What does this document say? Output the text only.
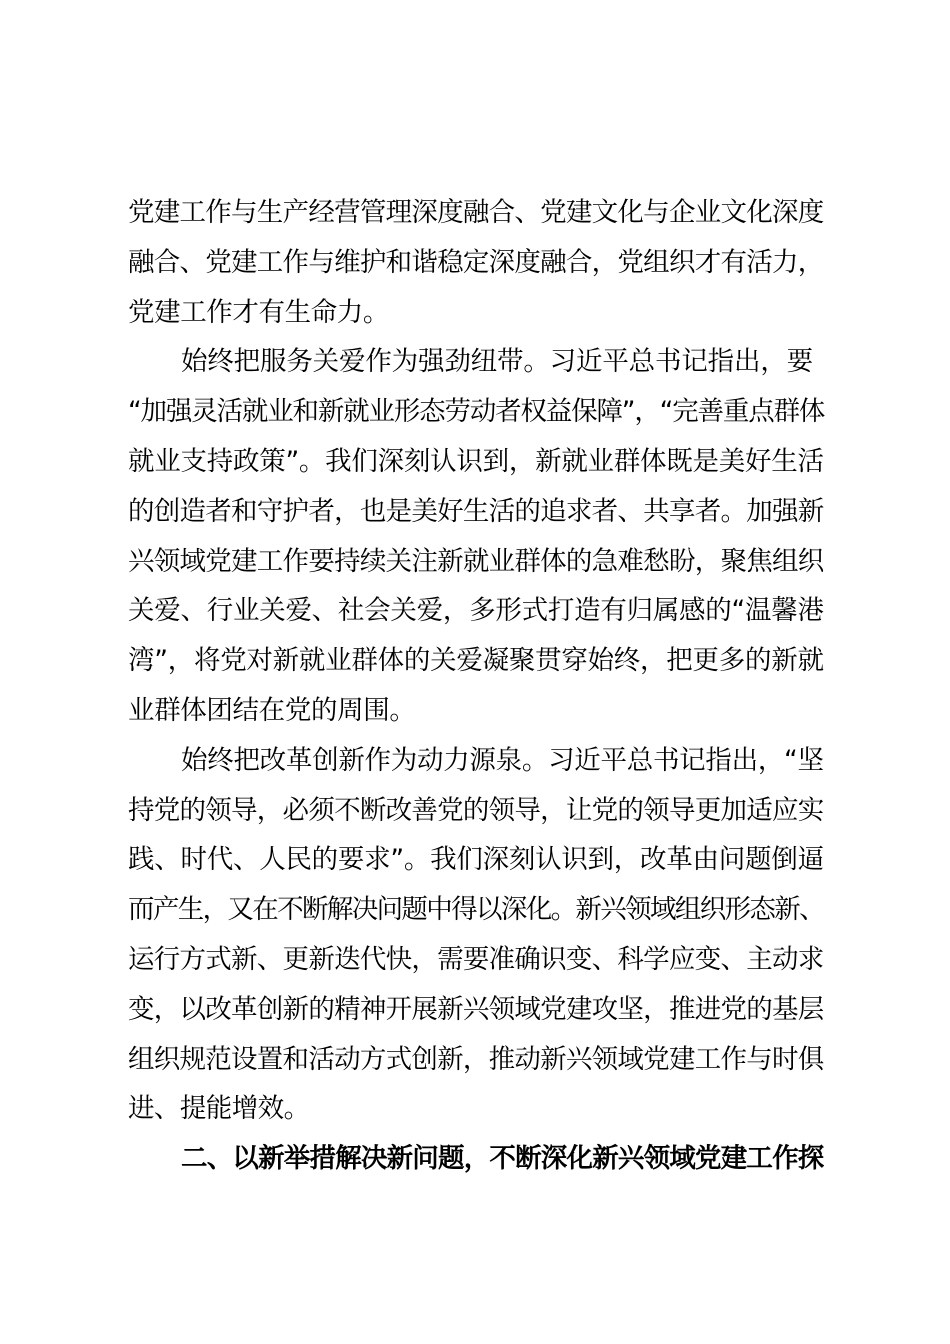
党建工作与生产经营管理深度融合、党建文化与企业文化深度
融合、党建工作与维护和谐稳定深度融合，党组织才有活力，
党建工作才有生命力。
始终把服务关爱作为强劲纽带。习近平总书记指出，要
“加强灵活就业和新就业形态劳动者权益保障”，“完善重点群体
就业支持政策”。我们深刻认识到，新就业群体既是美好生活
的创造者和守护者，也是美好生活的追求者、共享者。加强新
兴领域党建工作要持续关注新就业群体的急难愁盼，聚焦组织
关爱、行业关爱、社会关爱，多形式打造有归属感的“温馨港
湾”，将党对新就业群体的关爱凝聚贯穿始终，把更多的新就
业群体团结在党的周围。
始终把改革创新作为动力源泉。习近平总书记指出，“坚
持党的领导，必须不断改善党的领导，让党的领导更加适应实
践、时代、人民的要求”。我们深刻认识到，改革由问题倒逼
而产生，又在不断解决问题中得以深化。新兴领域组织形态新、
运行方式新、更新迭代快，需要准确识变、科学应变、主动求
变，以改革创新的精神开展新兴领域党建攻坚，推进党的基层
组织规范设置和活动方式创新，推动新兴领域党建工作与时俱
进、提能增效。
二、以新举措解决新问题，不断深化新兴领域党建工作探
